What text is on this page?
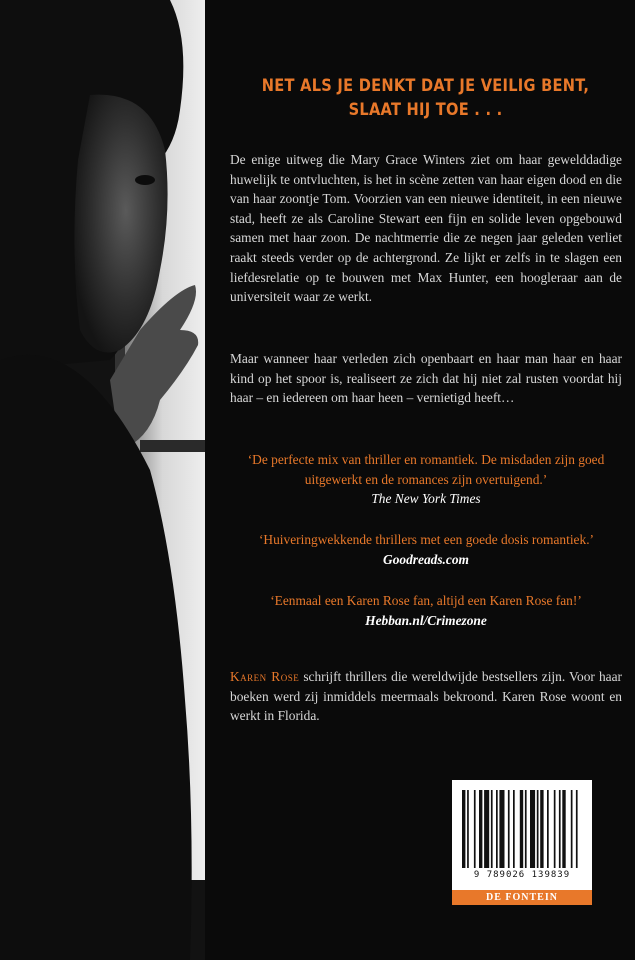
NET ALS JE DENKT DAT JE VEILIG BENT,
SLAAT HIJ TOE . . .

De enige uitweg die Mary Grace Winters ziet om haar gewelddadige huwelijk te ontvluchten, is het in scène zetten van haar eigen dood en die van haar zoontje Tom. Voorzien van een nieuwe identiteit, in een nieuwe stad, heeft ze als Caroline Stewart een fijn en solide leven opgebouwd samen met haar zoon. De nachtmerrie die ze negen jaar geleden verliet raakt steeds verder op de achtergrond. Ze lijkt er zelfs in te slagen een liefdesrelatie op te bouwen met Max Hunter, een hoogleraar aan de universiteit waar ze werkt.

Maar wanneer haar verleden zich openbaart en haar man haar en haar kind op het spoor is, realiseert ze zich dat hij niet zal rusten voordat hij haar – en iedereen om haar heen – vernietigd heeft…

‘De perfecte mix van thriller en romantiek. De misdaden zijn goed uitgewerkt en de romances zijn overtuigend.’
The New York Times

‘Huiveringwekkende thrillers met een goede dosis romantiek.’ Goodreads.com

‘Eenmaal een Karen Rose fan, altijd een Karen Rose fan!’
Hebban.nl/Crimezone

Karen Rose schrijft thrillers die wereldwijde bestsellers zijn. Voor haar boeken werd zij inmiddels meermaals bekroond. Karen Rose woont en werkt in Florida.

9 789026 139839
DE FONTEIN
